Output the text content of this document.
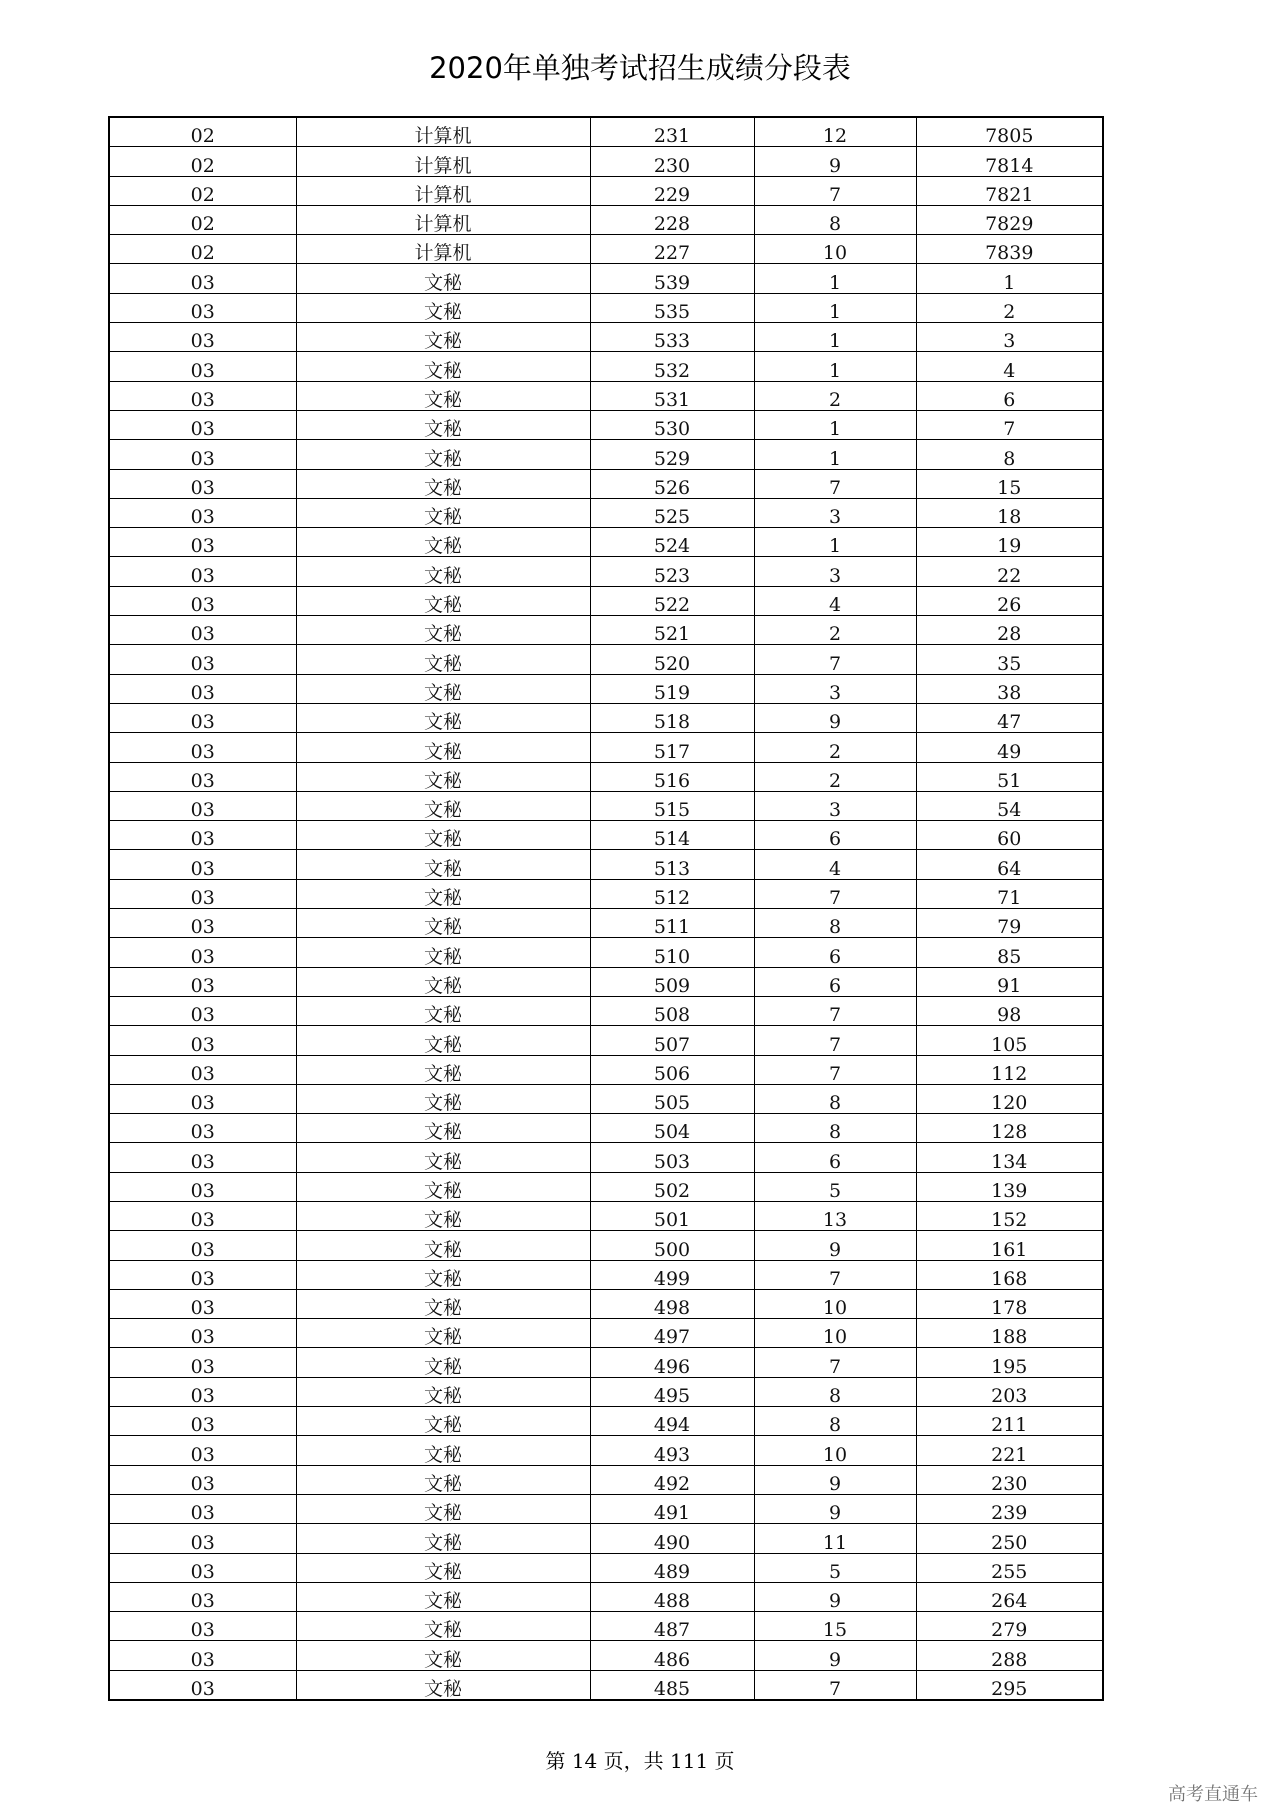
2020年单独考试招生成绩分段表
02	计算机	231	12	7805
02	计算机	230	9	7814
02	计算机	229	7	7821
02	计算机	228	8	7829
02	计算机	227	10	7839
03	文秘	539	1	1
03	文秘	535	1	2
03	文秘	533	1	3
03	文秘	532	1	4
03	文秘	531	2	6
03	文秘	530	1	7
03	文秘	529	1	8
03	文秘	526	7	15
03	文秘	525	3	18
03	文秘	524	1	19
03	文秘	523	3	22
03	文秘	522	4	26
03	文秘	521	2	28
03	文秘	520	7	35
03	文秘	519	3	38
03	文秘	518	9	47
03	文秘	517	2	49
03	文秘	516	2	51
03	文秘	515	3	54
03	文秘	514	6	60
03	文秘	513	4	64
03	文秘	512	7	71
03	文秘	511	8	79
03	文秘	510	6	85
03	文秘	509	6	91
03	文秘	508	7	98
03	文秘	507	7	105
03	文秘	506	7	112
03	文秘	505	8	120
03	文秘	504	8	128
03	文秘	503	6	134
03	文秘	502	5	139
03	文秘	501	13	152
03	文秘	500	9	161
03	文秘	499	7	168
03	文秘	498	10	178
03	文秘	497	10	188
03	文秘	496	7	195
03	文秘	495	8	203
03	文秘	494	8	211
03	文秘	493	10	221
03	文秘	492	9	230
03	文秘	491	9	239
03	文秘	490	11	250
03	文秘	489	5	255
03	文秘	488	9	264
03	文秘	487	15	279
03	文秘	486	9	288
03	文秘	485	7	295
第 14 页，共 111 页
高考直通车
